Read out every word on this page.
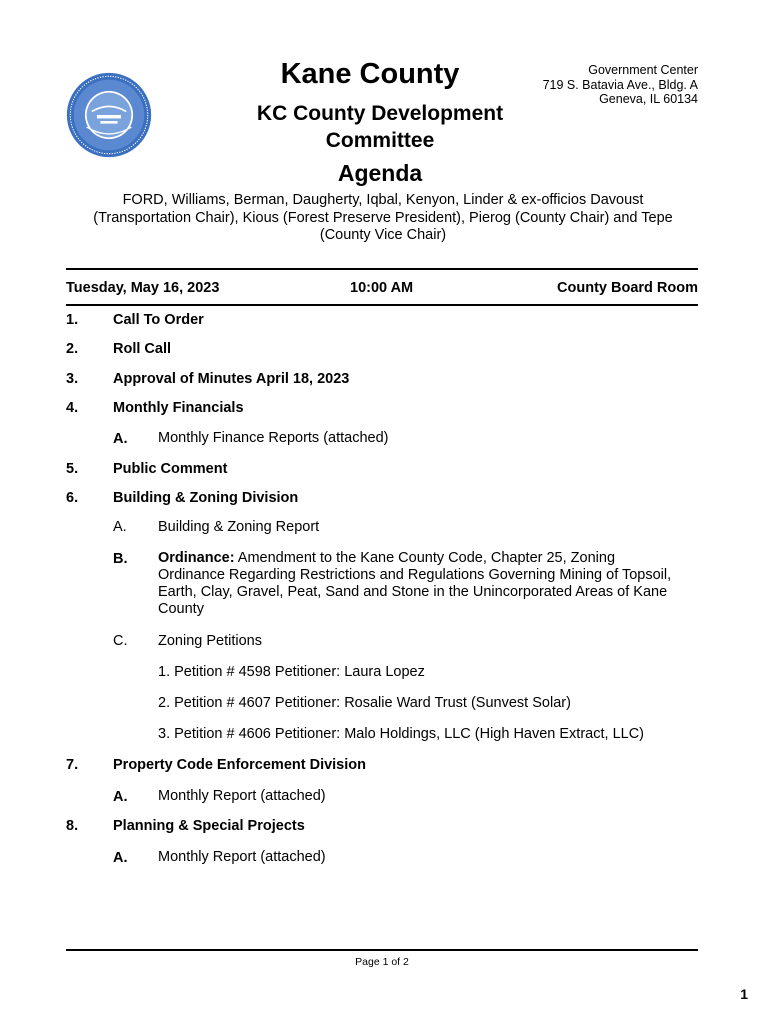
Kane County
KC County Development
Committee
Agenda
Government Center
719 S. Batavia Ave., Bldg. A
Geneva, IL 60134
FORD, Williams, Berman, Daugherty, Iqbal, Kenyon, Linder & ex-officios Davoust
(Transportation Chair), Kious (Forest Preserve President), Pierog (County Chair) and Tepe
(County Vice Chair)
Tuesday, May 16, 2023	10:00 AM	County Board Room
1. Call To Order
2. Roll Call
3. Approval of Minutes April 18, 2023
4. Monthly Financials
A. Monthly Finance Reports (attached)
5. Public Comment
6. Building & Zoning Division
A. Building & Zoning Report
B. Ordinance: Amendment to the Kane County Code, Chapter 25, Zoning
Ordinance Regarding Restrictions and Regulations Governing Mining of Topsoil,
Earth, Clay, Gravel, Peat, Sand and Stone in the Unincorporated Areas of Kane
County
C. Zoning Petitions
1. Petition # 4598 Petitioner: Laura Lopez
2. Petition # 4607 Petitioner: Rosalie Ward Trust (Sunvest Solar)
3. Petition # 4606 Petitioner: Malo Holdings, LLC (High Haven Extract, LLC)
7. Property Code Enforcement Division
A. Monthly Report (attached)
8. Planning & Special Projects
A. Monthly Report (attached)
Page 1 of 2
1
